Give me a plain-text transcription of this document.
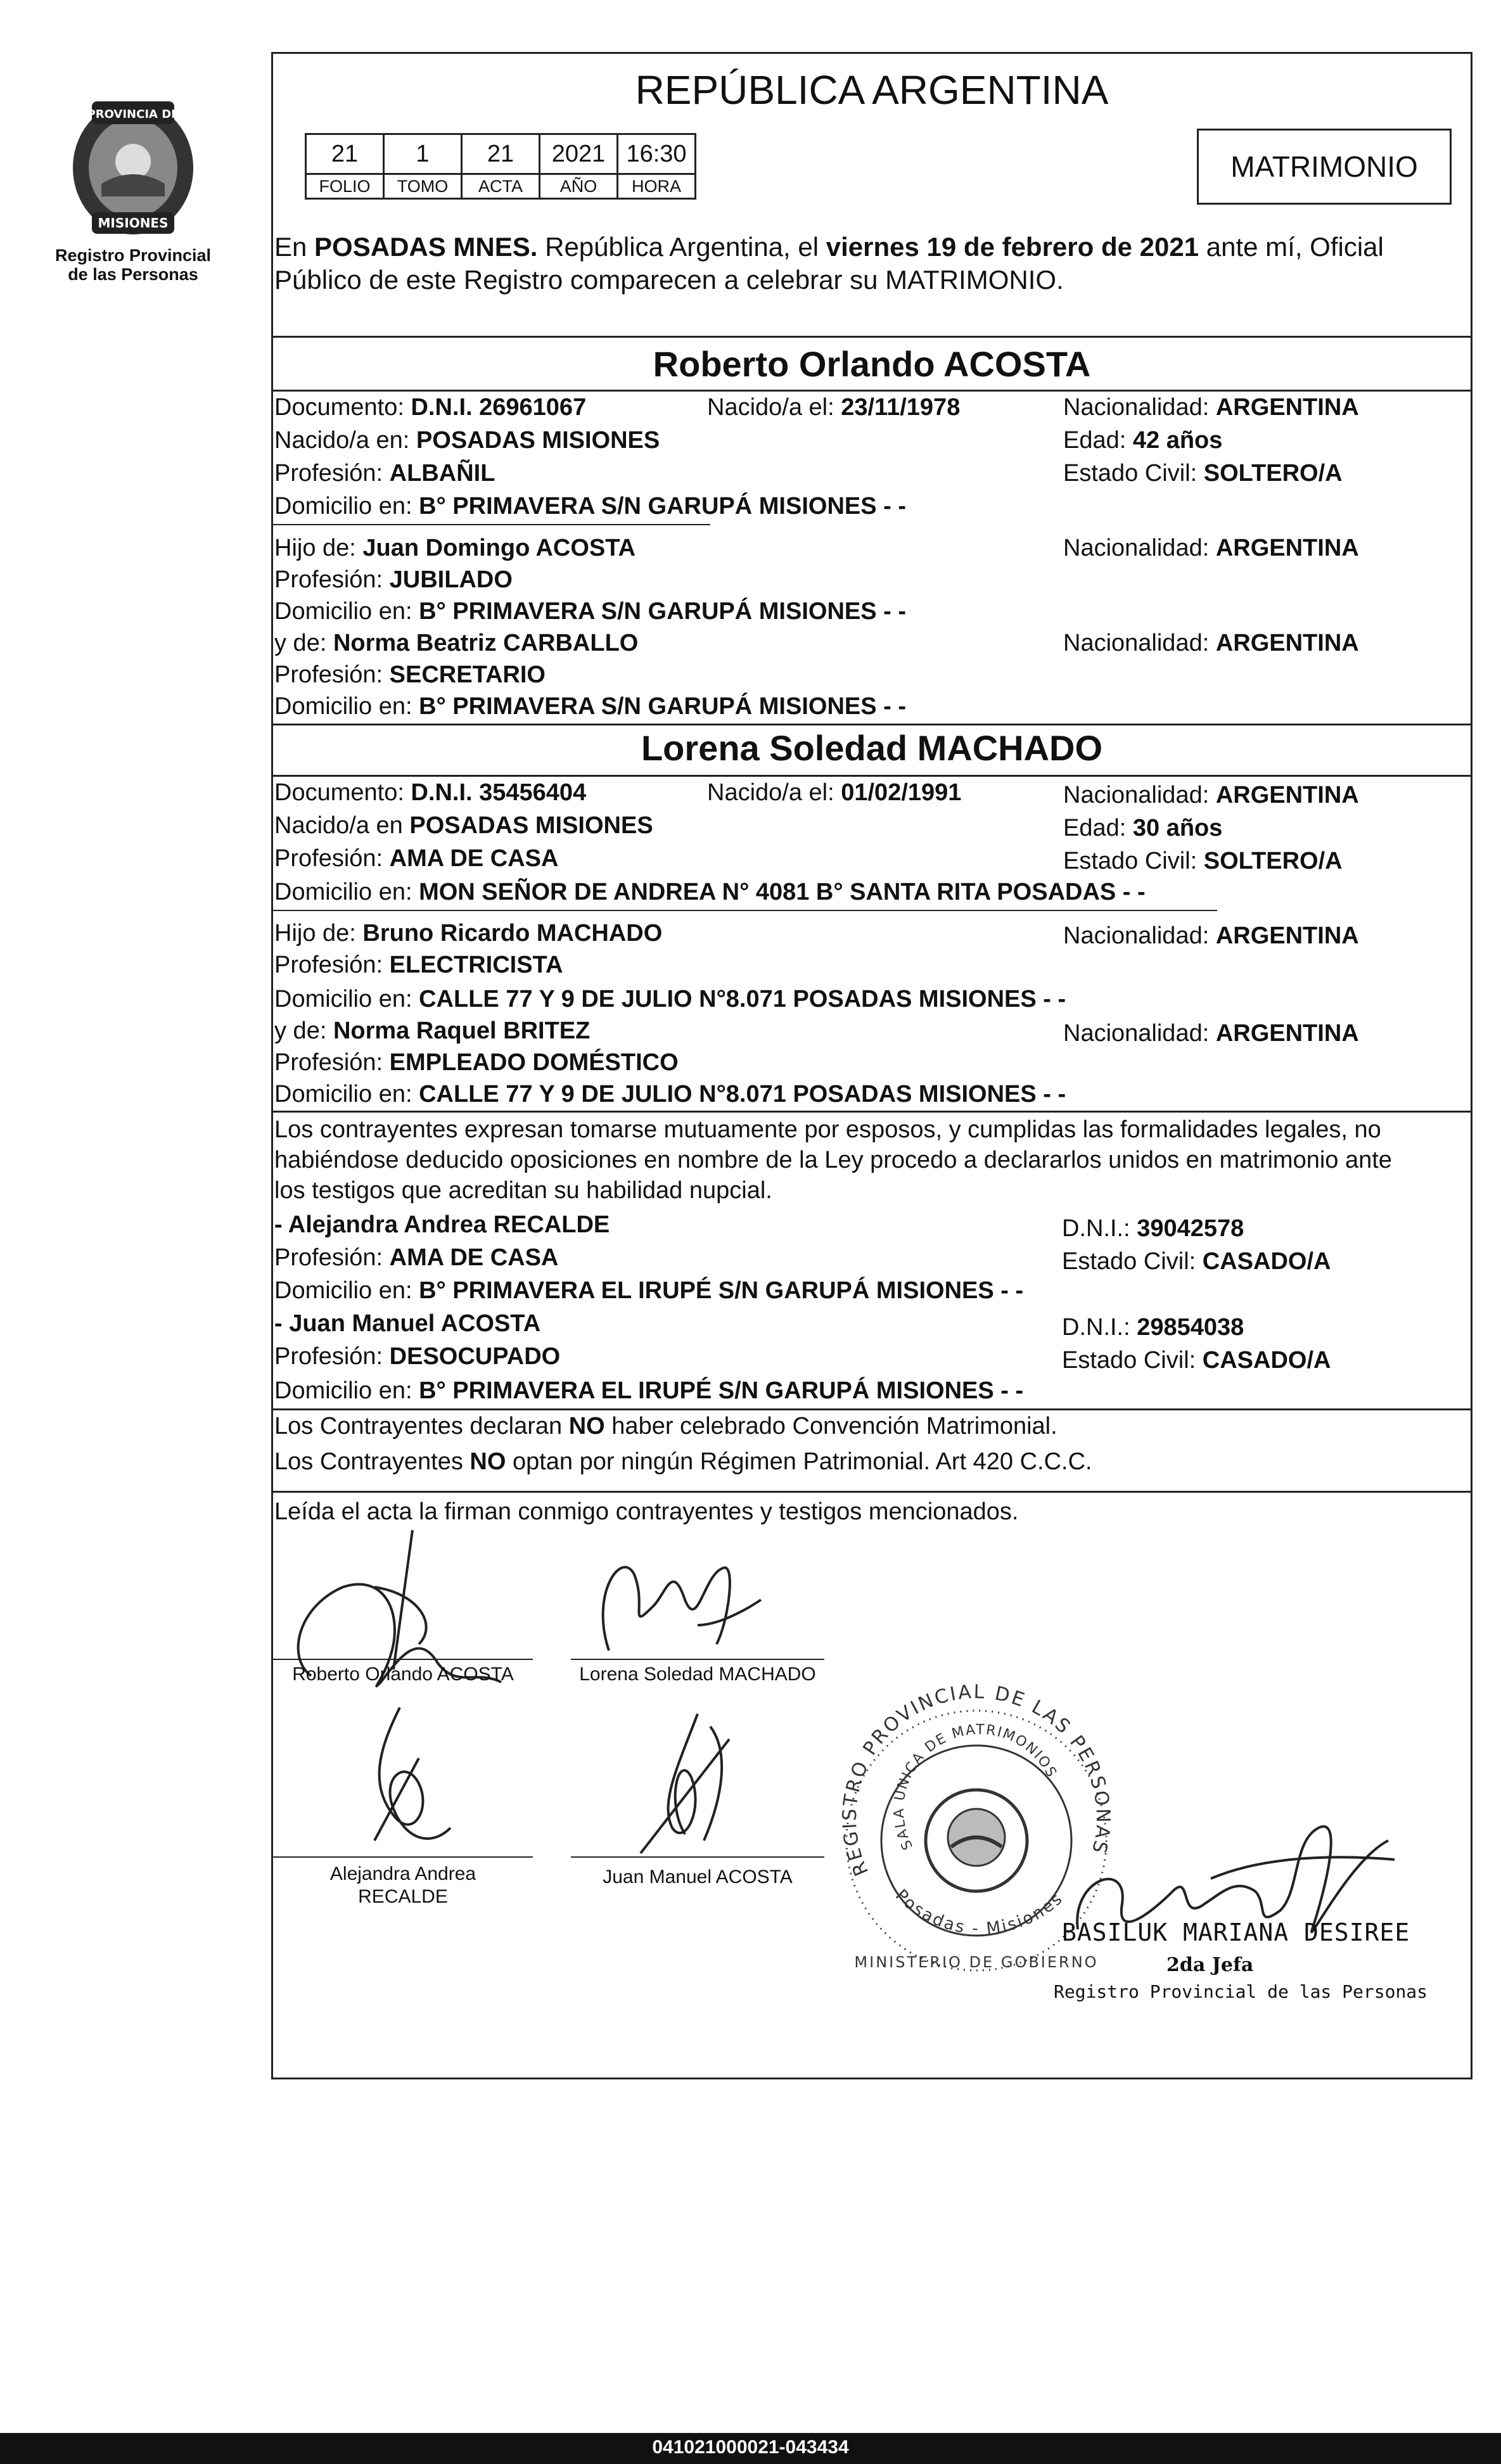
PROVINCIA DE
MISIONES
Registro Provincial
de las Personas
REPÚBLICA ARGENTINA
21	1	21	2021	16:30
FOLIO	TOMO	ACTA	AÑO	HORA
MATRIMONIO
En POSADAS MNES. República Argentina, el viernes 19 de febrero de 2021 ante mí, Oficial
Público de este Registro comparecen a celebrar su MATRIMONIO.
Roberto Orlando ACOSTA
Documento: D.N.I. 26961067	Nacido/a el: 23/11/1978	Nacionalidad: ARGENTINA
Nacido/a en: POSADAS MISIONES	Edad: 42 años
Profesión: ALBAÑIL	Estado Civil: SOLTERO/A
Domicilio en: B° PRIMAVERA S/N GARUPÁ MISIONES - -
Hijo de: Juan Domingo ACOSTA	Nacionalidad: ARGENTINA
Profesión: JUBILADO
Domicilio en: B° PRIMAVERA S/N GARUPÁ MISIONES - -
y de: Norma Beatriz CARBALLO	Nacionalidad: ARGENTINA
Profesión: SECRETARIO
Domicilio en: B° PRIMAVERA S/N GARUPÁ MISIONES - -
Lorena Soledad MACHADO
Documento: D.N.I. 35456404	Nacido/a el: 01/02/1991	Nacionalidad: ARGENTINA
Nacido/a en POSADAS MISIONES	Edad: 30 años
Profesión: AMA DE CASA	Estado Civil: SOLTERO/A
Domicilio en: MON SEÑOR DE ANDREA N° 4081 B° SANTA RITA POSADAS - -
Hijo de: Bruno Ricardo MACHADO	Nacionalidad: ARGENTINA
Profesión: ELECTRICISTA
Domicilio en: CALLE 77 Y 9 DE JULIO N°8.071 POSADAS MISIONES - -
y de: Norma Raquel BRITEZ	Nacionalidad: ARGENTINA
Profesión: EMPLEADO DOMÉSTICO
Domicilio en: CALLE 77 Y 9 DE JULIO N°8.071 POSADAS MISIONES - -
Los contrayentes expresan tomarse mutuamente por esposos, y cumplidas las formalidades legales, no
habiéndose deducido oposiciones en nombre de la Ley procedo a declararlos unidos en matrimonio ante
los testigos que acreditan su habilidad nupcial.
- Alejandra Andrea RECALDE	D.N.I.: 39042578
Profesión: AMA DE CASA	Estado Civil: CASADO/A
Domicilio en: B° PRIMAVERA EL IRUPÉ S/N GARUPÁ MISIONES - -
- Juan Manuel ACOSTA	D.N.I.: 29854038
Profesión: DESOCUPADO	Estado Civil: CASADO/A
Domicilio en: B° PRIMAVERA EL IRUPÉ S/N GARUPÁ MISIONES - -
Los Contrayentes declaran NO haber celebrado Convención Matrimonial.
Los Contrayentes NO optan por ningún Régimen Patrimonial. Art 420 C.C.C.
Leída el acta la firman conmigo contrayentes y testigos mencionados.
Roberto Orlando ACOSTA	Lorena Soledad MACHADO
Alejandra Andrea
RECALDE
Juan Manuel ACOSTA	REGISTRO PROVINCIAL DE LAS PERSONAS
SALA UNICA DE MATRIMONIOS
Posadas - Misiones
MINISTERIO DE GOBIERNO
BASILUK MARIANA DESIREE
2da Jefa
Registro Provincial de las Personas
041021000021-043434
